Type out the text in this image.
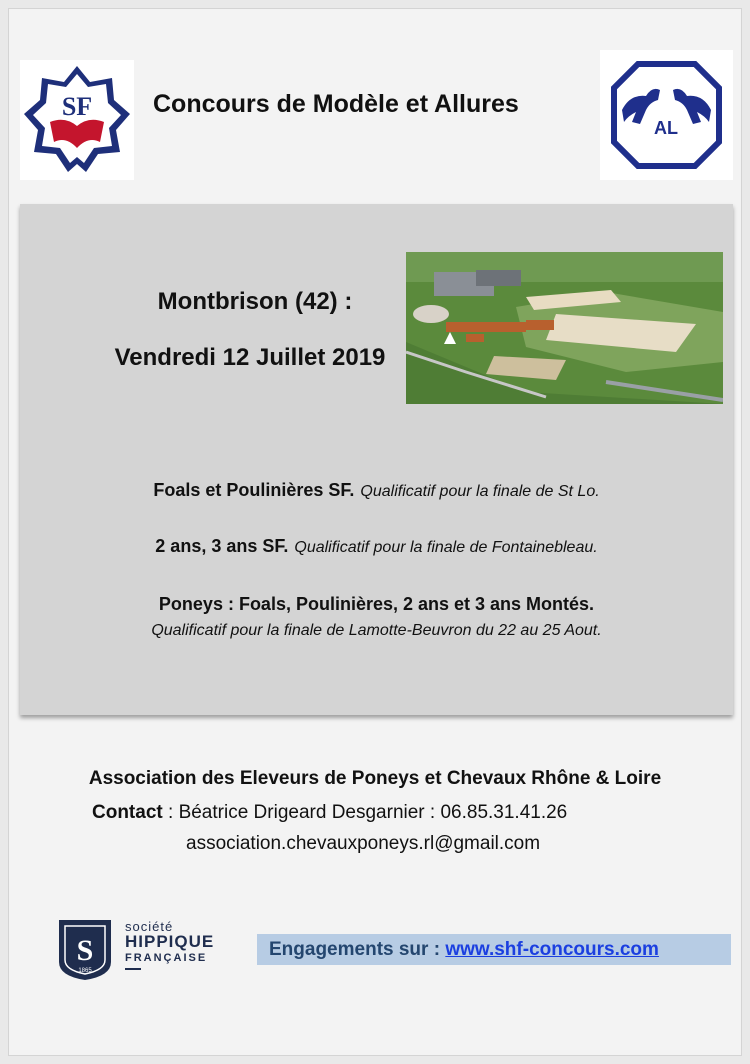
SF Concours de Modèle et Allures
AL
Montbrison (42) :
Vendredi 12 Juillet 2019
Foals et Poulinières SF. Qualificatif pour la finale de St Lo.
2 ans, 3 ans SF. Qualificatif pour la finale de Fontainebleau.
Poneys : Foals, Poulinières, 2 ans et 3 ans Montés.
Qualificatif pour la finale de Lamotte-Beuvron du 22 au 25 Aout.
Association des Eleveurs de Poneys et Chevaux Rhône & Loire
Contact : Béatrice Drigeard Desgarnier : 06.85.31.41.26
association.chevauxponeys.rl@gmail.com
S
1865
société
HIPPIQUE
FRANÇAISE	Engagements sur : www.shf-concours.com
